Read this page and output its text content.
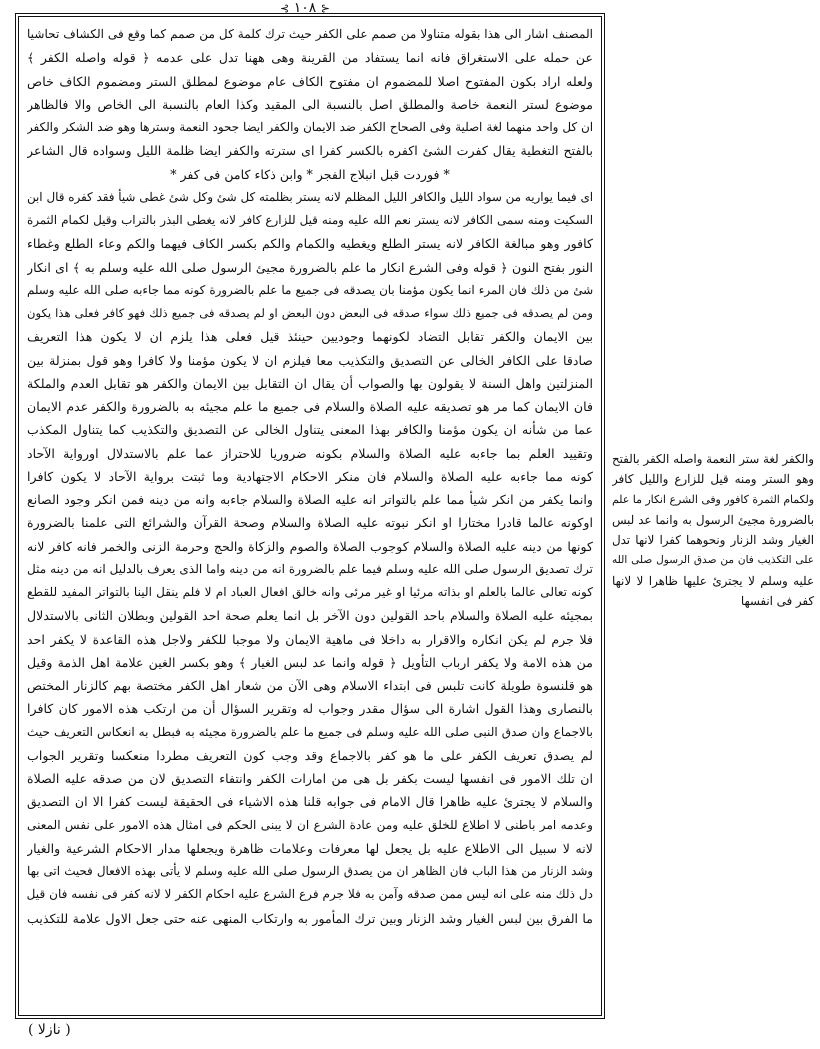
⊰ ١٠٨ ⊱
المصنف اشار الى هذا بقوله متناولا من صمم على الكفر حيث ترك كلمة كل من صمم كما وقع فى الكشاف تحاشيا
عن حمله على الاستغراق فانه انما يستفاد من القرينة وهى ههنا تدل على عدمه ﴿ قوله واصله الكفر ﴾
ولعله اراد بكون المفتوح اصلا للمضموم ان مفتوح الكاف عام موضوع لمطلق الستر ومضموم الكاف خاص
موضوع لستر النعمة خاصة والمطلق اصل بالنسبة الى المقيد وكذا العام بالنسبة الى الخاص والا فالظاهر
ان كل واحد منهما لغة اصلية وفى الصحاح الكفر ضد الايمان والكفر ايضا جحود النعمة وسترها وهو ضد الشكر والكفر
بالفتح التغطية يقال كفرت الشئ اكفره بالكسر كفرا اى سترته والكفر ايضا ظلمة الليل وسواده قال الشاعر
* فوردت قبل انبلاج الفجر * وابن ذكاء كامن فى كفر *
اى فيما يواريه من سواد الليل والكافر الليل المظلم لانه يستر بظلمته كل شئ وكل شئ غطى شيأ فقد كفره قال ابن
السكيت ومنه سمى الكافر لانه يستر نعم الله عليه ومنه قيل للزارع كافر لانه يغطى البذر بالتراب وقيل لكمام الثمرة
كافور وهو مبالغة الكافر لانه يستر الطلع ويغطيه والكمام والكم بكسر الكاف فيهما والكم وعاء الطلع وغطاء
النور بفتح النون ﴿ قوله وفى الشرع انكار ما علم بالضرورة مجيئ الرسول صلى الله عليه وسلم به ﴾ اى انكار
شئ من ذلك فان المرء انما يكون مؤمنا بان يصدقه فى جميع ما علم بالضرورة كونه مما جاءبه صلى الله عليه وسلم
ومن لم يصدقه فى جميع ذلك سواء صدقه فى البعض دون البعض او لم يصدقه فى جميع ذلك فهو كافر فعلى هذا يكون
بين الايمان والكفر تقابل التضاد لكونهما وجوديين حينئذ قيل فعلى هذا يلزم ان لا يكون هذا التعريف
صادقا على الكافر الخالى عن التصديق والتكذيب معا فيلزم ان لا يكون مؤمنا ولا كافرا وهو قول بمنزلة بين
المنزلتين واهل السنة لا يقولون بها والصواب أن يقال ان التقابل بين الايمان والكفر هو تقابل العدم والملكة
فان الايمان كما مر هو تصديقه عليه الصلاة والسلام فى جميع ما علم مجيئه به بالضرورة والكفر عدم الايمان
عما من شأنه ان يكون مؤمنا والكافر بهذا المعنى يتناول الخالى عن التصديق والتكذيب كما يتناول المكذب
وتقييد العلم بما جاءبه عليه الصلاة والسلام بكونه ضروريا للاحتراز عما علم بالاستدلال اورواية الآحاد
كونه مما جاءبه عليه الصلاة والسلام فان منكر الاحكام الاجتهادية وما ثبتت برواية الآحاد لا يكون كافرا
وانما يكفر من انكر شيأ مما علم بالتواتر انه عليه الصلاة والسلام جاءبه وانه من دينه فمن انكر وجود الصانع
اوكونه عالما قادرا مختارا او انكر نبوته عليه الصلاة والسلام وصحة القرآن والشرائع التى علمنا بالضرورة
كونها من دينه عليه الصلاة والسلام كوجوب الصلاة والصوم والزكاة والحج وحرمة الزنى والخمر فانه كافر لانه
ترك تصديق الرسول صلى الله عليه وسلم فيما علم بالضرورة انه من دينه واما الذى يعرف بالدليل انه من دينه مثل
كونه تعالى عالما بالعلم او بذاته مرئيا او غير مرئى وانه خالق افعال العباد ام لا فلم ينقل الينا بالتواتر المفيد للقطع
بمجيئه عليه الصلاة والسلام باحد القولين دون الآخر بل انما يعلم صحة احد القولين وبطلان الثانى بالاستدلال
فلا جرم لم يكن انكاره والاقرار به داخلا فى ماهية الايمان ولا موجبا للكفر ولاجل هذه القاعدة لا يكفر احد
من هذه الامة ولا يكفر ارباب التأويل ﴿ قوله وانما عد لبس الغيار ﴾ وهو بكسر الغين علامة اهل الذمة وقيل
هو قلنسوة طويلة كانت تلبس فى ابتداء الاسلام وهى الآن من شعار اهل الكفر مختصة بهم كالزنار المختص
بالنصارى وهذا القول اشارة الى سؤال مقدر وجواب له وتقرير السؤال أن من ارتكب هذه الامور كان كافرا
بالاجماع وان صدق النبى صلى الله عليه وسلم فى جميع ما علم بالضرورة مجيئه به فبطل به انعكاس التعريف حيث
لم يصدق تعريف الكفر على ما هو كفر بالاجماع وقد وجب كون التعريف مطردا منعكسا وتقرير الجواب
ان تلك الامور فى انفسها ليست بكفر بل هى من امارات الكفر وانتفاء التصديق لان من صدقه عليه الصلاة
والسلام لا يجترئ عليه ظاهرا قال الامام فى جوابه قلنا هذه الاشياء فى الحقيقة ليست كفرا الا ان التصديق
وعدمه امر باطنى لا اطلاع للخلق عليه ومن عادة الشرع ان لا يبنى الحكم فى امثال هذه الامور على نفس المعنى
لانه لا سبيل الى الاطلاع عليه بل يجعل لها معرفات وعلامات ظاهرة ويجعلها مدار الاحكام الشرعية والغيار
وشد الزنار من هذا الباب فان الظاهر ان من يصدق الرسول صلى الله عليه وسلم لا يأتى بهذه الافعال فحيث اتى بها
دل ذلك منه على انه ليس ممن صدقه وآمن به فلا جرم فرع الشرع عليه احكام الكفر لا لانه كفر فى نفسه فان قيل
ما الفرق بين لبس الغيار وشد الزنار وبين ترك المأمور به وارتكاب المنهى عنه حتى جعل الاول علامة للتكذيب
والكفر لغة ستر النعمة واصله الكفر بالفتح
وهو الستر ومنه قيل للزارع والليل كافر
ولكمام الثمرة كافور وفى الشرع انكار ما علم
بالضرورة مجيئ الرسول به وانما عد لبس
الغيار وشد الزنار ونحوهما كفرا لانها تدل
على التكذيب فان من صدق الرسول صلى الله
عليه وسلم لا يجترئ عليها ظاهرا لا لانها
كفر فى انفسها
( نازلا )
